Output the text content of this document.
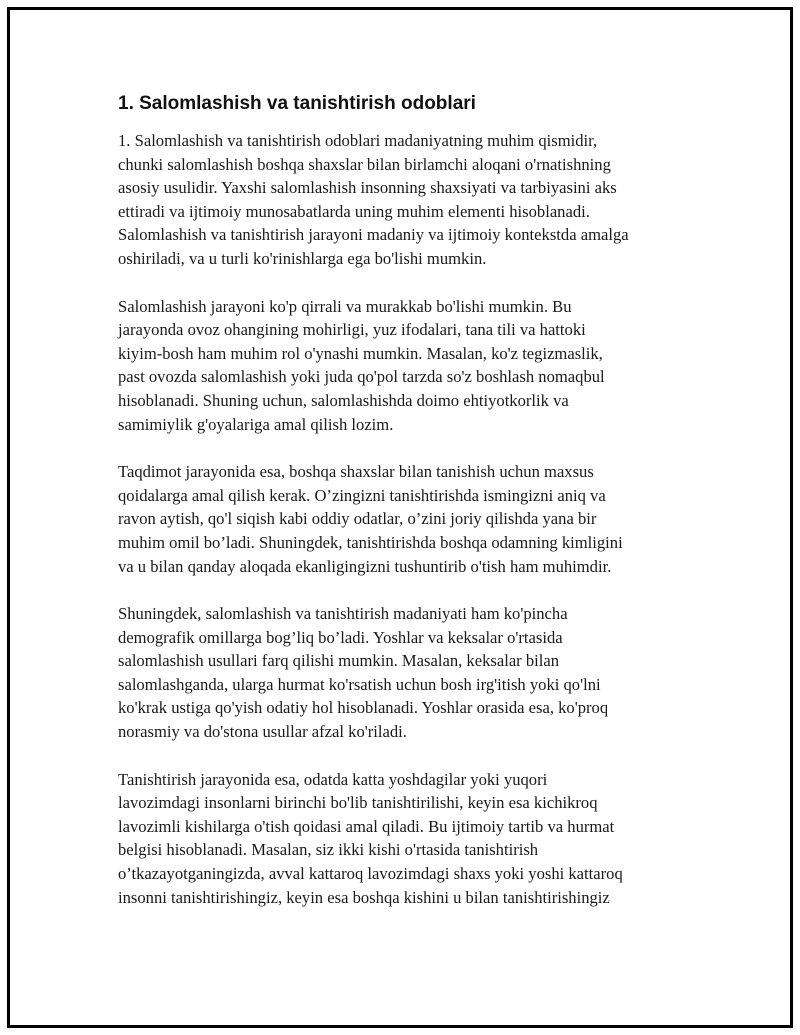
1. Salomlashish va tanishtirish odoblari

1. Salomlashish va tanishtirish odoblari madaniyatning muhim qismidir,
chunki salomlashish boshqa shaxslar bilan birlamchi aloqani o'rnatishning
asosiy usulidir. Yaxshi salomlashish insonning shaxsiyati va tarbiyasini aks
ettiradi va ijtimoiy munosabatlarda uning muhim elementi hisoblanadi.
Salomlashish va tanishtirish jarayoni madaniy va ijtimoiy kontekstda amalga
oshiriladi, va u turli ko'rinishlarga ega bo'lishi mumkin.

Salomlashish jarayoni ko'p qirrali va murakkab bo'lishi mumkin. Bu
jarayonda ovoz ohangining mohirligi, yuz ifodalari, tana tili va hattoki
kiyim-bosh ham muhim rol o'ynashi mumkin. Masalan, ko'z tegizmaslik,
past ovozda salomlashish yoki juda qo'pol tarzda so'z boshlash nomaqbul
hisoblanadi. Shuning uchun, salomlashishda doimo ehtiyotkorlik va
samimiylik g'oyalariga amal qilish lozim.

Taqdimot jarayonida esa, boshqa shaxslar bilan tanishish uchun maxsus
qoidalarga amal qilish kerak. O’zingizni tanishtirishda ismingizni aniq va
ravon aytish, qo'l siqish kabi oddiy odatlar, o’zini joriy qilishda yana bir
muhim omil bo’ladi. Shuningdek, tanishtirishda boshqa odamning kimligini
va u bilan qanday aloqada ekanligingizni tushuntirib o'tish ham muhimdir.

Shuningdek, salomlashish va tanishtirish madaniyati ham ko'pincha
demografik omillarga bog’liq bo’ladi. Yoshlar va keksalar o'rtasida
salomlashish usullari farq qilishi mumkin. Masalan, keksalar bilan
salomlashganda, ularga hurmat ko'rsatish uchun bosh irg'itish yoki qo'lni
ko'krak ustiga qo'yish odatiy hol hisoblanadi. Yoshlar orasida esa, ko'proq
norasmiy va do'stona usullar afzal ko'riladi.

Tanishtirish jarayonida esa, odatda katta yoshdagilar yoki yuqori
lavozimdagi insonlarni birinchi bo'lib tanishtirilishi, keyin esa kichikroq
lavozimli kishilarga o'tish qoidasi amal qiladi. Bu ijtimoiy tartib va hurmat
belgisi hisoblanadi. Masalan, siz ikki kishi o'rtasida tanishtirish
o’tkazayotganingizda, avval kattaroq lavozimdagi shaxs yoki yoshi kattaroq
insonni tanishtirishingiz, keyin esa boshqa kishini u bilan tanishtirishingiz
